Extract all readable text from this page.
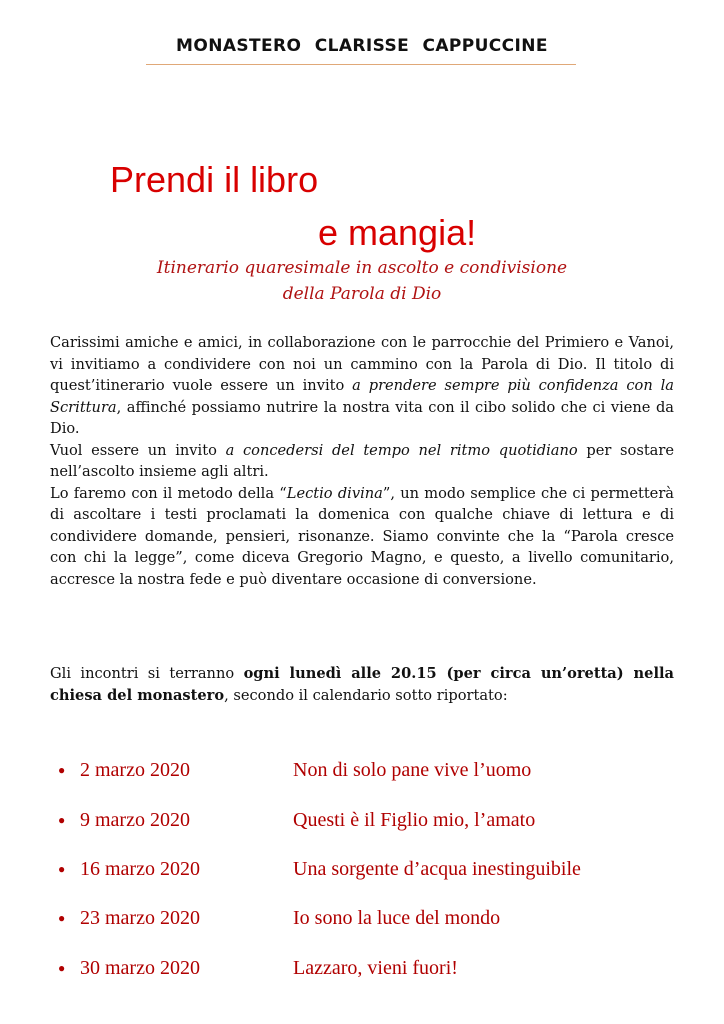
MONASTERO CLARISSE CAPPUCCINE
Prendi il libro
e mangia!
Itinerario quaresimale in ascolto e condivisione
della Parola di Dio

Carissimi amiche e amici, in collaborazione con le parrocchie del Primiero e Vanoi, vi invitiamo a condividere con noi un cammino con la Parola di Dio. Il titolo di quest’itinerario vuole essere un invito a prendere sempre più confidenza con la Scrittura, affinché possiamo nutrire la nostra vita con il cibo solido che ci viene da Dio.

Vuol essere un invito a concedersi del tempo nel ritmo quotidiano per sostare nell’ascolto insieme agli altri.

Lo faremo con il metodo della “Lectio divina”, un modo semplice che ci permetterà di ascoltare i testi proclamati la domenica con qualche chiave di lettura e di condividere domande, pensieri, risonanze. Siamo convinte che la “Parola cresce con chi la legge”, come diceva Gregorio Magno, e questo, a livello comunitario, accresce la nostra fede e può diventare occasione di conversione.

Gli incontri si terranno ogni lunedì alle 20.15 (per circa un’oretta) nella chiesa del monastero, secondo il calendario sotto riportato:

● 2 marzo 2020	Non di solo pane vive l’uomo
● 9 marzo 2020	Questi è il Figlio mio, l’amato
● 16 marzo 2020	Una sorgente d’acqua inestinguibile
● 23 marzo 2020	Io sono la luce del mondo
● 30 marzo 2020	Lazzaro, vieni fuori!
